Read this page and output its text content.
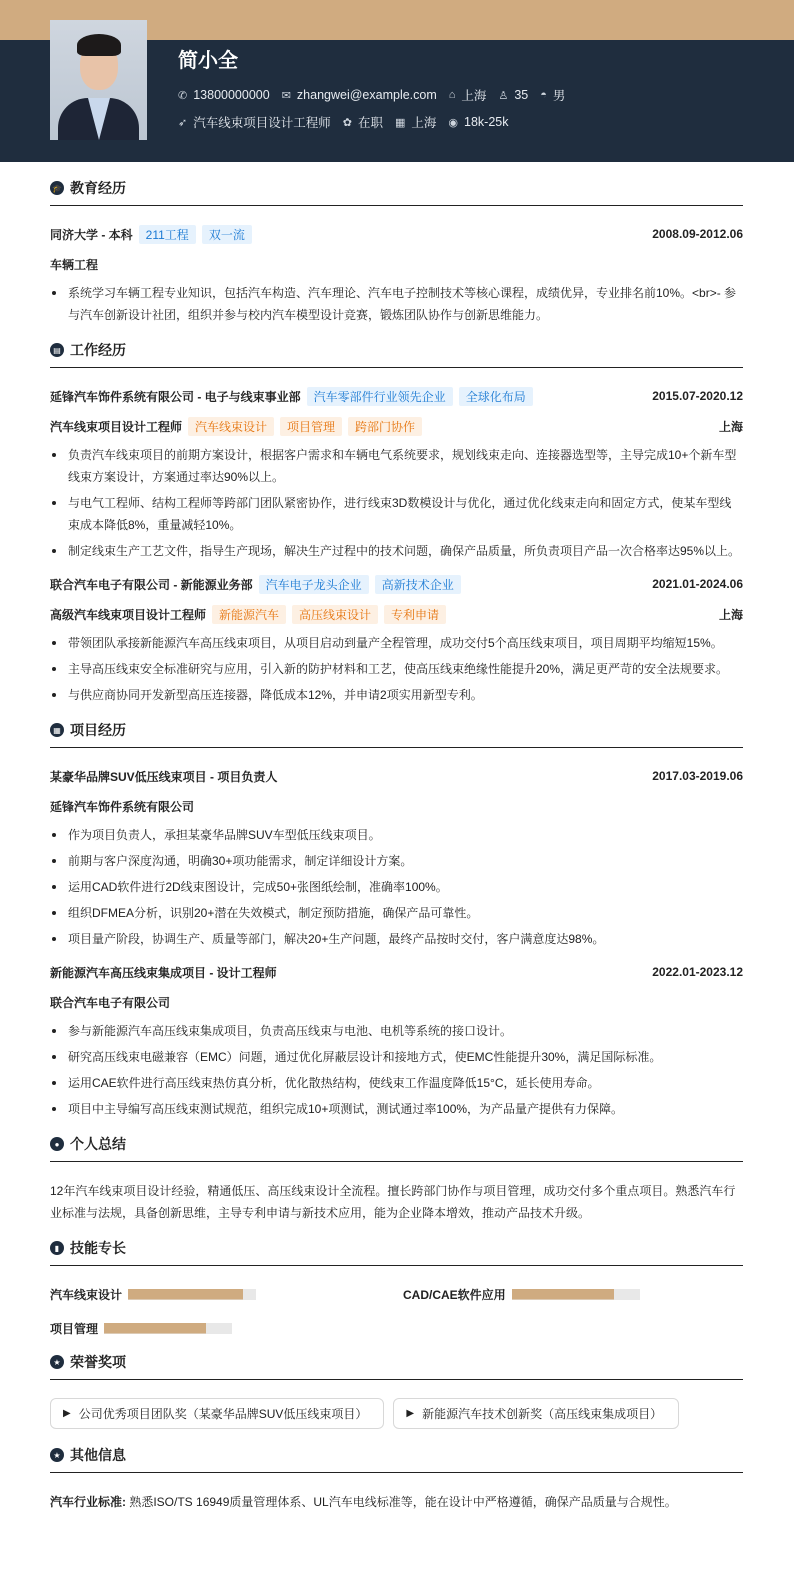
简小全
✆ 13800000000 ✉ zhangwei@example.com ⌂ 上海 ♙ 35 ◓ 男
➶ 汽车线束项目设计工程师 ✿ 在职 ▦ 上海 ◉ 18k-25k
🎓 教育经历
同济大学 - 本科	211工程	双一流	2008.09-2012.06
车辆工程
系统学习车辆工程专业知识，包括汽车构造、汽车理论、汽车电子控制技术等核心课程，成绩优异，专业排名前10%。<br>- 参与汽车创新设计社团，组织并参与校内汽车模型设计竞赛，锻炼团队协作与创新思维能力。
▤ 工作经历
延锋汽车饰件系统有限公司 - 电子与线束事业部	汽车零部件行业领先企业	全球化布局	2015.07-2020.12
汽车线束项目设计工程师	汽车线束设计	项目管理	跨部门协作	上海
负责汽车线束项目的前期方案设计，根据客户需求和车辆电气系统要求，规划线束走向、连接器选型等，主导完成10+个新车型线束方案设计，方案通过率达90%以上。
与电气工程师、结构工程师等跨部门团队紧密协作，进行线束3D数模设计与优化，通过优化线束走向和固定方式，使某车型线束成本降低8%，重量减轻10%。
制定线束生产工艺文件，指导生产现场，解决生产过程中的技术问题，确保产品质量，所负责项目产品一次合格率达95%以上。
联合汽车电子有限公司 - 新能源业务部	汽车电子龙头企业	高新技术企业	2021.01-2024.06
高级汽车线束项目设计工程师	新能源汽车	高压线束设计	专利申请	上海
带领团队承接新能源汽车高压线束项目，从项目启动到量产全程管理，成功交付5个高压线束项目，项目周期平均缩短15%。
主导高压线束安全标准研究与应用，引入新的防护材料和工艺，使高压线束绝缘性能提升20%，满足更严苛的安全法规要求。
与供应商协同开发新型高压连接器，降低成本12%，并申请2项实用新型专利。
▦ 项目经历
某豪华品牌SUV低压线束项目 - 项目负责人	2017.03-2019.06
延锋汽车饰件系统有限公司
作为项目负责人，承担某豪华品牌SUV车型低压线束项目。
前期与客户深度沟通，明确30+项功能需求，制定详细设计方案。
运用CAD软件进行2D线束图设计，完成50+张图纸绘制，准确率100%。
组织DFMEA分析，识别20+潜在失效模式，制定预防措施，确保产品可靠性。
项目量产阶段，协调生产、质量等部门，解决20+生产问题，最终产品按时交付，客户满意度达98%。
新能源汽车高压线束集成项目 - 设计工程师	2022.01-2023.12
联合汽车电子有限公司
参与新能源汽车高压线束集成项目，负责高压线束与电池、电机等系统的接口设计。
研究高压线束电磁兼容（EMC）问题，通过优化屏蔽层设计和接地方式，使EMC性能提升30%，满足国际标准。
运用CAE软件进行高压线束热仿真分析，优化散热结构，使线束工作温度降低15°C，延长使用寿命。
项目中主导编写高压线束测试规范，组织完成10+项测试，测试通过率100%，为产品量产提供有力保障。
● 个人总结
12年汽车线束项目设计经验，精通低压、高压线束设计全流程。擅长跨部门协作与项目管理，成功交付多个重点项目。熟悉汽车行业标准与法规，具备创新思维，主导专利申请与新技术应用，能为企业降本增效，推动产品技术升级。
▮ 技能专长
汽车线束设计	CAD/CAE软件应用
项目管理
★ 荣誉奖项
▶ 公司优秀项目团队奖（某豪华品牌SUV低压线束项目）	▶ 新能源汽车技术创新奖（高压线束集成项目）
★ 其他信息
汽车行业标准: 熟悉ISO/TS 16949质量管理体系、UL汽车电线标准等，能在设计中严格遵循，确保产品质量与合规性。
